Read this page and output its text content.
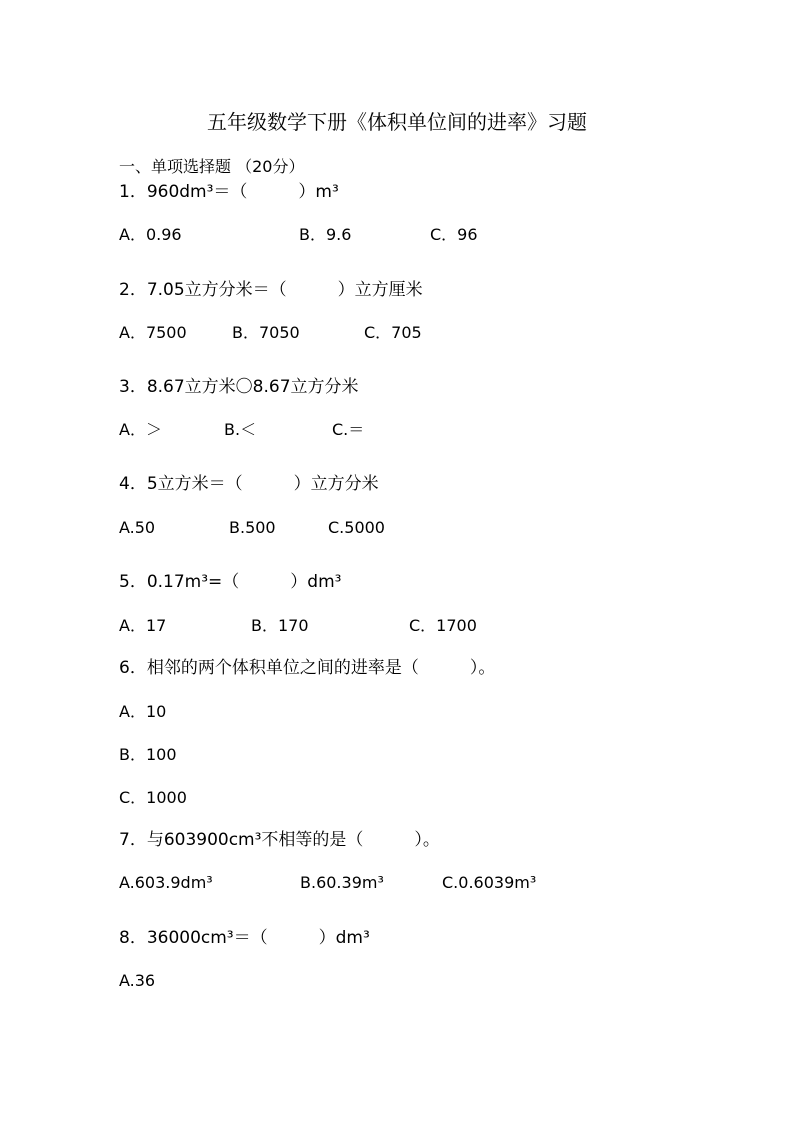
五年级数学下册《体积单位间的进率》习题
一、单项选择题 （20分）
1．960dm³＝（　　　）m³
A．0.96	B．9.6	C．96
2．7.05立方分米＝（　　　）立方厘米
A．7500	B．7050	C．705
3．8.67立方米〇8.67立方分米
A．＞	B.＜	C.＝
4．5立方米＝（　　　）立方分米
A.50	B.500	C.5000
5．0.17m³=（　　　）dm³
A．17	B．170	C．1700
6．相邻的两个体积单位之间的进率是（　　　）。
A．10
B．100
C．1000
7．与603900cm³不相等的是（　　　）。
A.603.9dm³	B.60.39m³	C.0.6039m³
8．36000cm³＝（　　　）dm³
A.36
